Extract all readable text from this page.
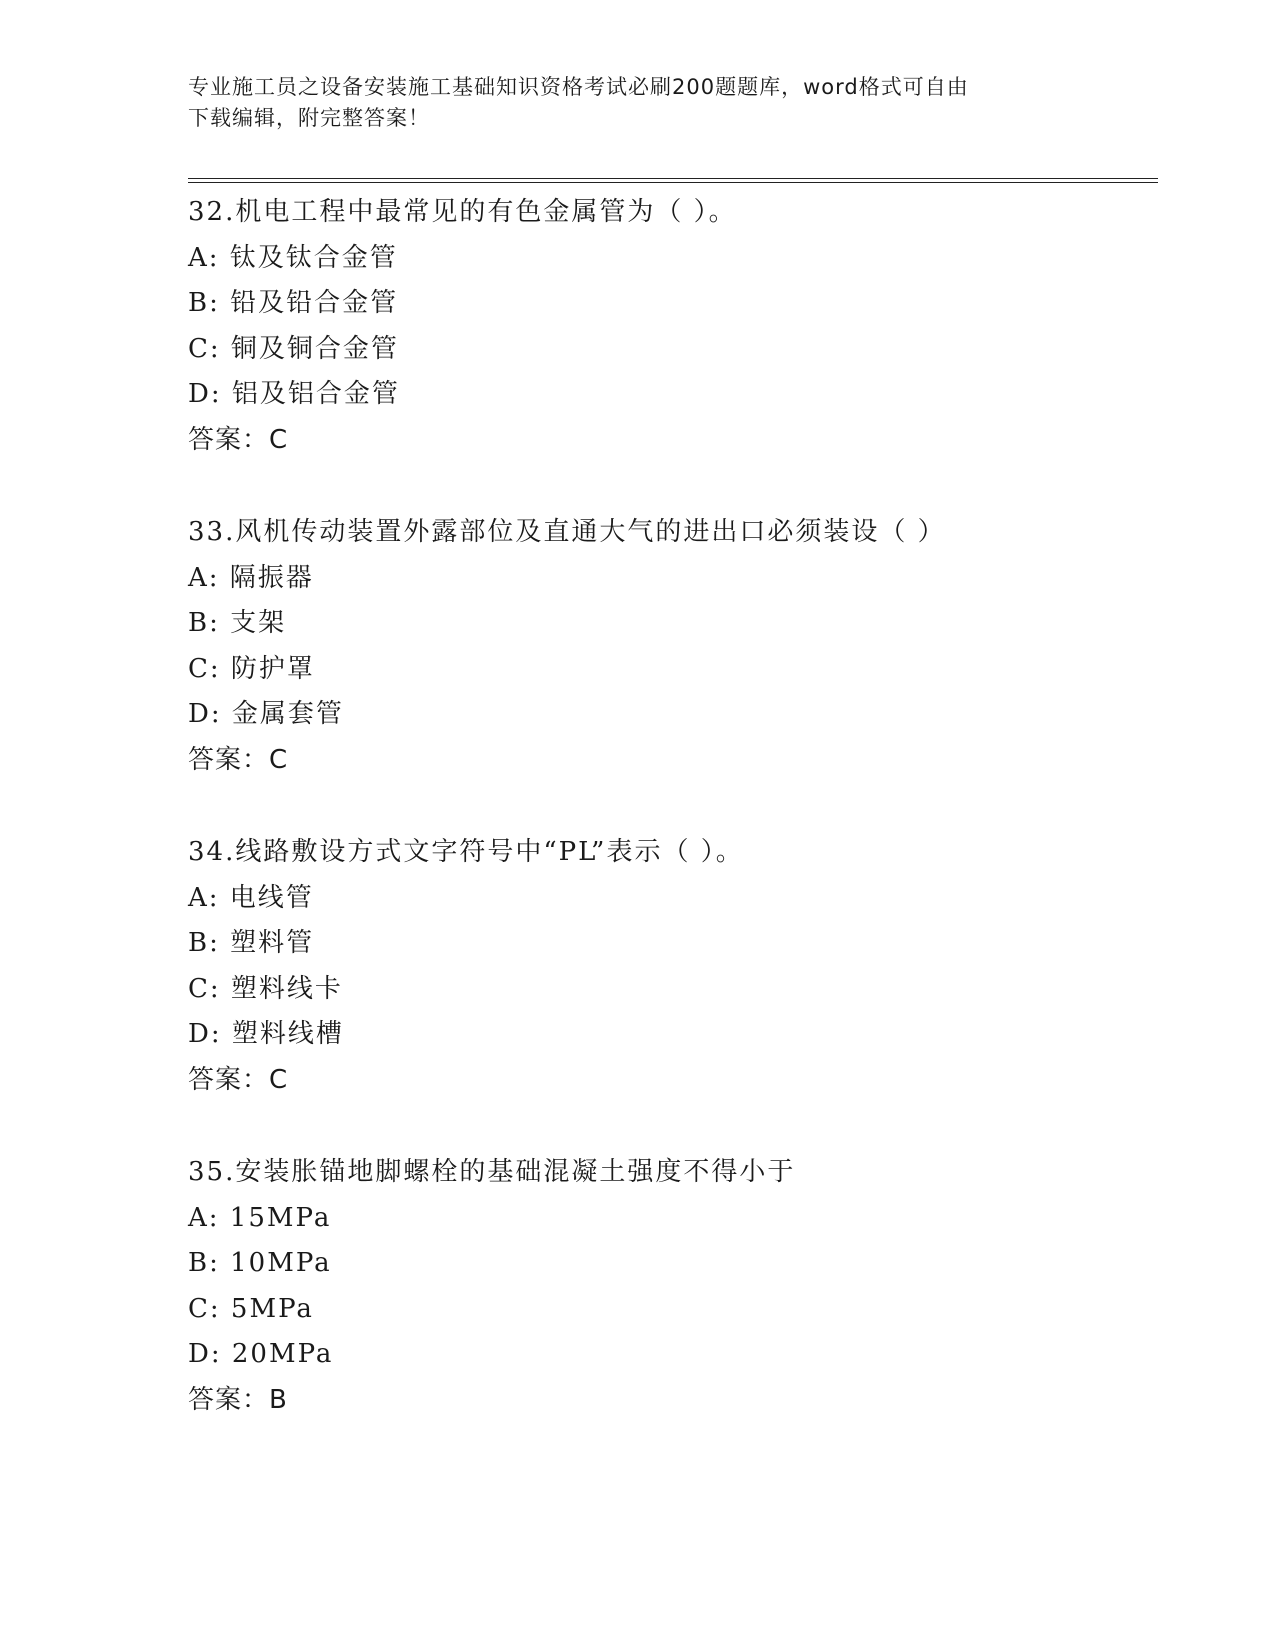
专业施工员之设备安装施工基础知识资格考试必刷200题题库，word格式可自由
下载编辑，附完整答案！
32.机电工程中最常见的有色金属管为（ ）。
A: 钛及钛合金管
B: 铅及铅合金管
C: 铜及铜合金管
D: 铝及铝合金管
答案：C
33.风机传动装置外露部位及直通大气的进出口必须装设（ ）
A: 隔振器
B: 支架
C: 防护罩
D: 金属套管
答案：C
34.线路敷设方式文字符号中“PL”表示（ ）。
A: 电线管
B: 塑料管
C: 塑料线卡
D: 塑料线槽
答案：C
35.安装胀锚地脚螺栓的基础混凝土强度不得小于
A: 15MPa
B: 10MPa
C: 5MPa
D: 20MPa
答案：B
